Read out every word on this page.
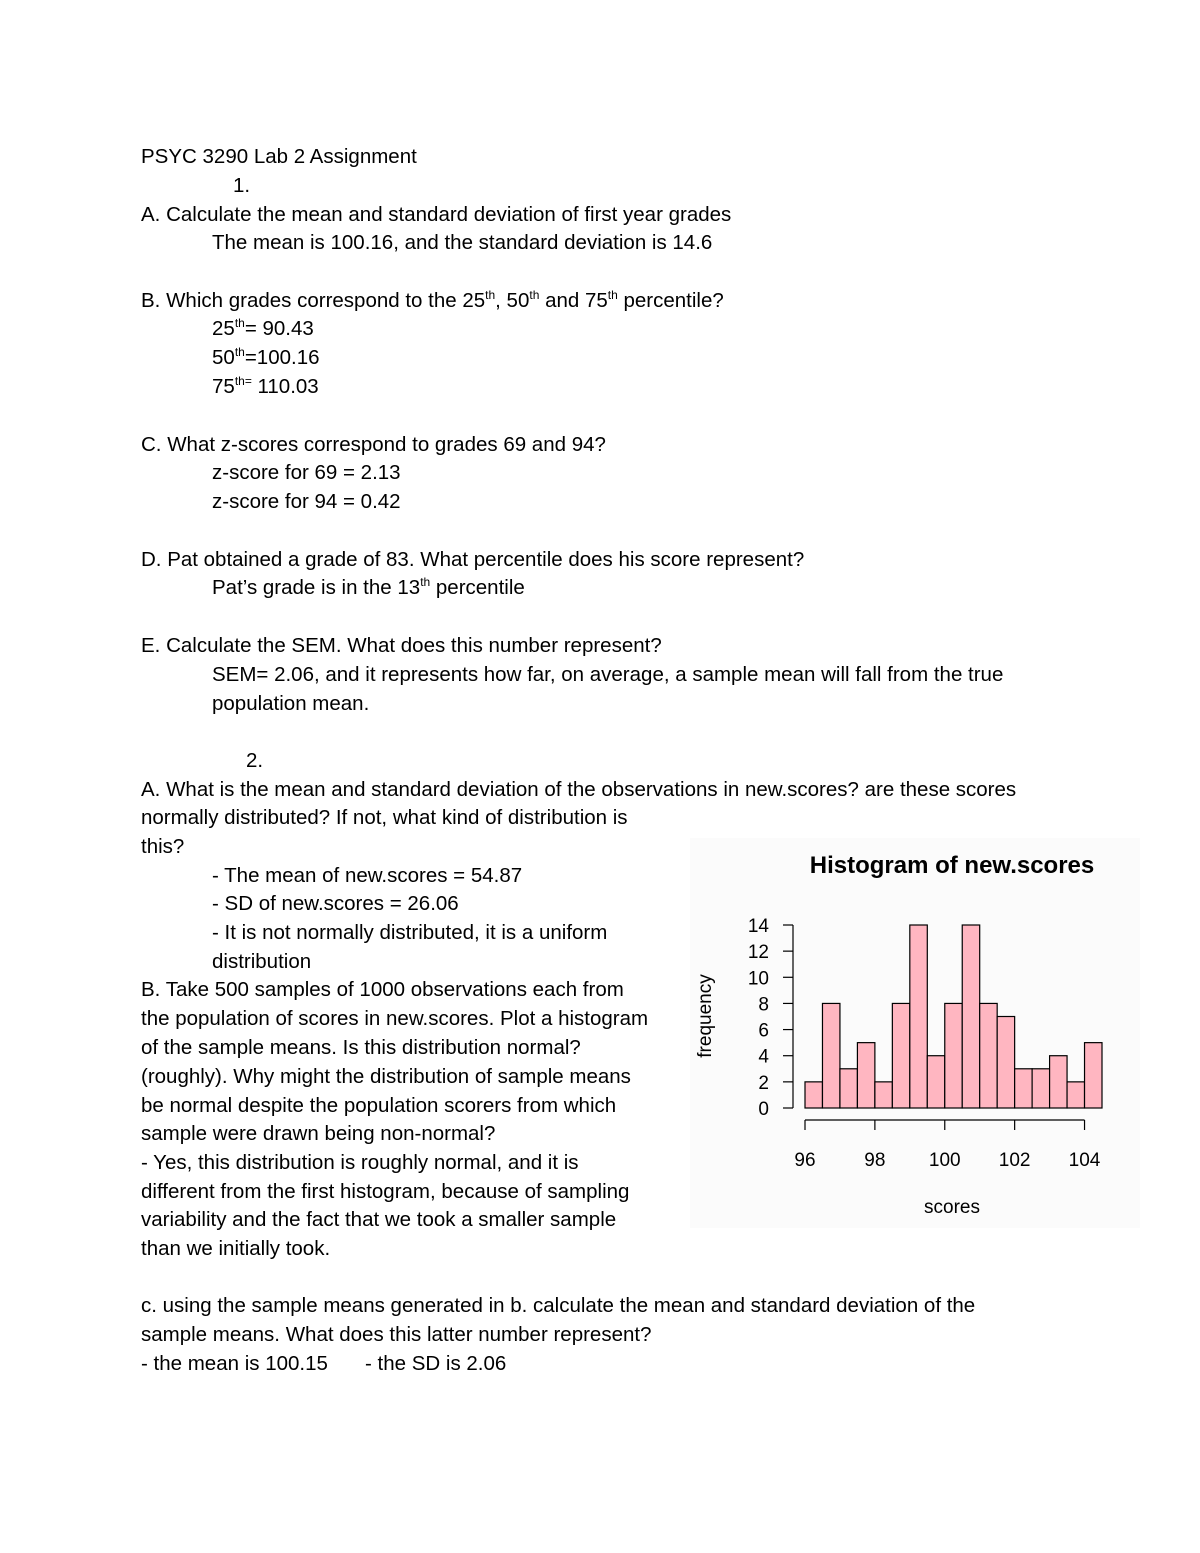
PSYC 3290 Lab 2 Assignment
1.
A. Calculate the mean and standard deviation of first year grades
The mean is 100.16, and the standard deviation is 14.6
B. Which grades correspond to the 25th, 50th and 75th percentile?
25th= 90.43
50th=100.16
$75^{th=}$ 110.03
C. What z-scores correspond to grades 69 and 94?
z-score for 69 = 2.13
z-score for 94 = 0.42
D. Pat obtained a grade of 83. What percentile does his score represent?
Pat’s grade is in the 13th percentile
E. Calculate the SEM. What does this number represent?
SEM= 2.06, and it represents how far, on average, a sample mean will fall from the true
population mean.
2.
A. What is the mean and standard deviation of the observations in new.scores? are these scores
normally distributed? If not, what kind of distribution is
this?
- The mean of new.scores = 54.87
- SD of new.scores = 26.06
- It is not normally distributed, it is a uniform
distribution
B. Take 500 samples of 1000 observations each from
the population of scores in new.scores. Plot a histogram
of the sample means. Is this distribution normal?
(roughly). Why might the distribution of sample means
be normal despite the population scorers from which
sample were drawn being non-normal?
- Yes, this distribution is roughly normal, and it is
different from the first histogram, because of sampling
variability and the fact that we took a smaller sample
than we initially took.
c. using the sample means generated in b. calculate the mean and standard deviation of the
sample means. What does this latter number represent?
- the mean is 100.15 - the SD is 2.06
Histogram of new.scores
scores
frequency
0
2
4
6
8
10
12
14
96	98 100 102 104
